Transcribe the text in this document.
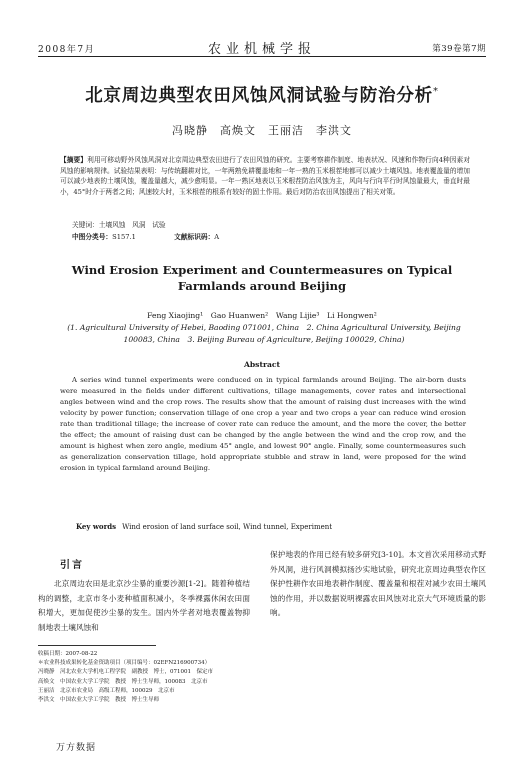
2008年7月	农业机械学报	第39卷第7期
北京周边典型农田风蚀风洞试验与防治分析*
冯晓静　高焕文　王丽洁　李洪文
【摘要】利用可移动野外风蚀风洞对北京周边典型农田进行了农田风蚀的研究。主要考察耕作制度、地表状况、风速和作物行向4种因素对风蚀的影响规律。试验结果表明：与传统翻耕对比，一年两熟免耕覆盖地和一年一熟的玉米根茬地都可以减少土壤风蚀。地表覆盖量的增加可以减少地表的土壤风蚀，覆盖量越大，减少愈明显。一年一熟区地表以玉米根茬防治风蚀为主，风向与行向平行时风蚀量最大，垂直时最小，45°时介于两者之间；风速较大时，玉米根茬的根系有较好的固土作用。最后对防治农田风蚀提出了相关对策。
关键词：土壤风蚀　风洞　试验
中图分类号：S157.1	文献标识码：A
Wind Erosion Experiment and Countermeasures on Typical Farmlands around Beijing
Feng Xiaojing¹　Gao Huanwen²　Wang Lijie³　Li Hongwen²
(1. Agricultural University of Hebei, Baoding 071001, China　2. China Agricultural University, Beijing 100083, China　3. Beijing Bureau of Agriculture, Beijing 100029, China)
Abstract
A series wind tunnel experiments were conduced on in typical farmlands around Beijing. The air-born dusts were measured in the fields under different cultivations, tillage managements, cover rates and intersectional angles between wind and the crop rows. The results show that the amount of raising dust increases with the wind velocity by power function; conservation tillage of one crop a year and two crops a year can reduce wind erosion rate than traditional tillage; the increase of cover rate can reduce the amount, and the more the cover, the better the effect; the amount of raising dust can be changed by the angle between the wind and the crop row, and the amount is highest when zero angle, medium 45° angle, and lowest 90° angle. Finally, some countermeasures such as generalization conservation tillage, hold appropriate stubble and straw in land, were proposed for the wind erosion in typical farmland around Beijing.
Key words Wind erosion of land surface soil, Wind tunnel, Experiment
引言
北京周边农田是北京沙尘暴的重要沙源[1-2]。随着种植结构的调整，北京市冬小麦种植面积减小，冬季裸露休闲农田面积增大，更加促使沙尘暴的发生。国内外学者对地表覆盖物抑制地表土壤风蚀和
保护地表的作用已经有较多研究[3-10]。本文首次采用移动式野外风洞，进行风洞模拟扬沙实地试验，研究北京周边典型农作区保护性耕作农田地表耕作制度、覆盖量和根茬对减少农田土壤风蚀的作用，并以数据说明裸露农田风蚀对北京大气环境质量的影响。
收稿日期：2007-08-22
＊农业科技成果转化基金资助项目（项目编号：02EFN216900734）
冯晓静　河北农业大学机电工程学院　副教授　博士，071001　保定市
高焕文　中国农业大学工学院　教授　博士生导师，100083　北京市
王丽洁　北京市农业局　高级工程师，100029　北京市
李洪文　中国农业大学工学院　教授　博士生导师
万方数据
